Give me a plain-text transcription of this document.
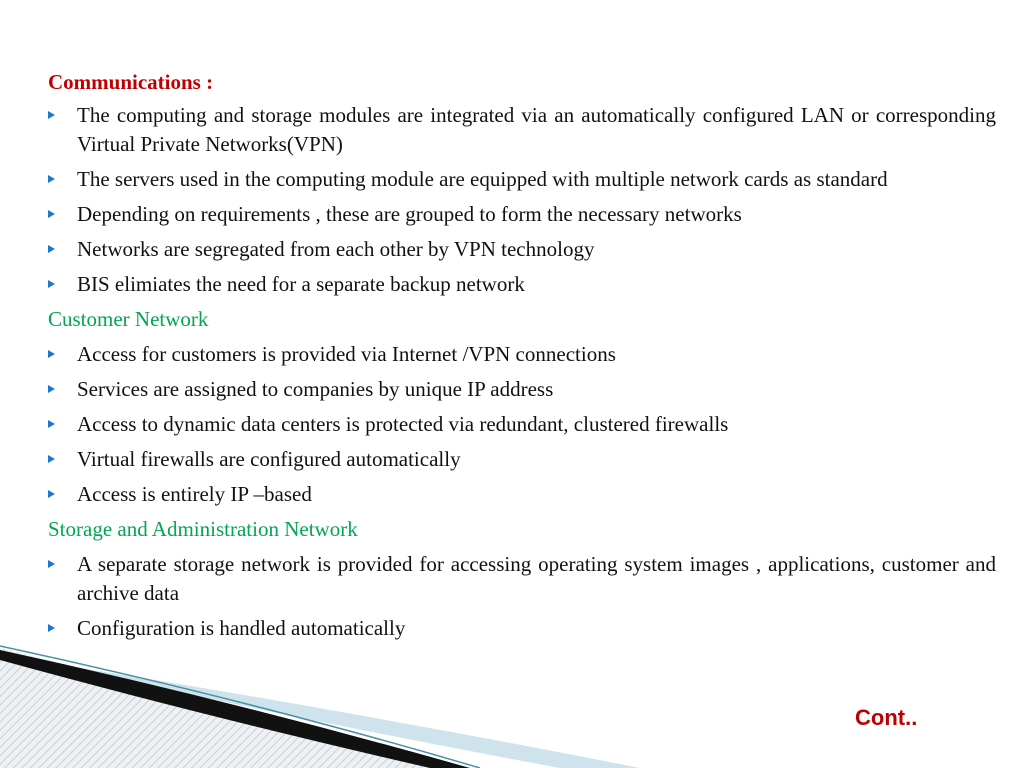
Communications :
The computing and storage modules are integrated via an automatically configured LAN or corresponding Virtual Private Networks(VPN)
The servers used in the computing module are equipped with multiple network cards as standard
Depending on requirements , these are grouped to form the necessary networks
Networks are segregated from each other by VPN technology
BIS elimiates the need for a separate backup network
Customer Network
Access for customers is provided via Internet /VPN connections
Services are assigned to companies by unique IP address
Access to dynamic data centers is protected via redundant, clustered firewalls
Virtual firewalls are configured automatically
Access is entirely IP –based
Storage and Administration Network
A separate storage network is provided for accessing operating system images , applications, customer and archive data
Configuration is handled automatically
Cont..
